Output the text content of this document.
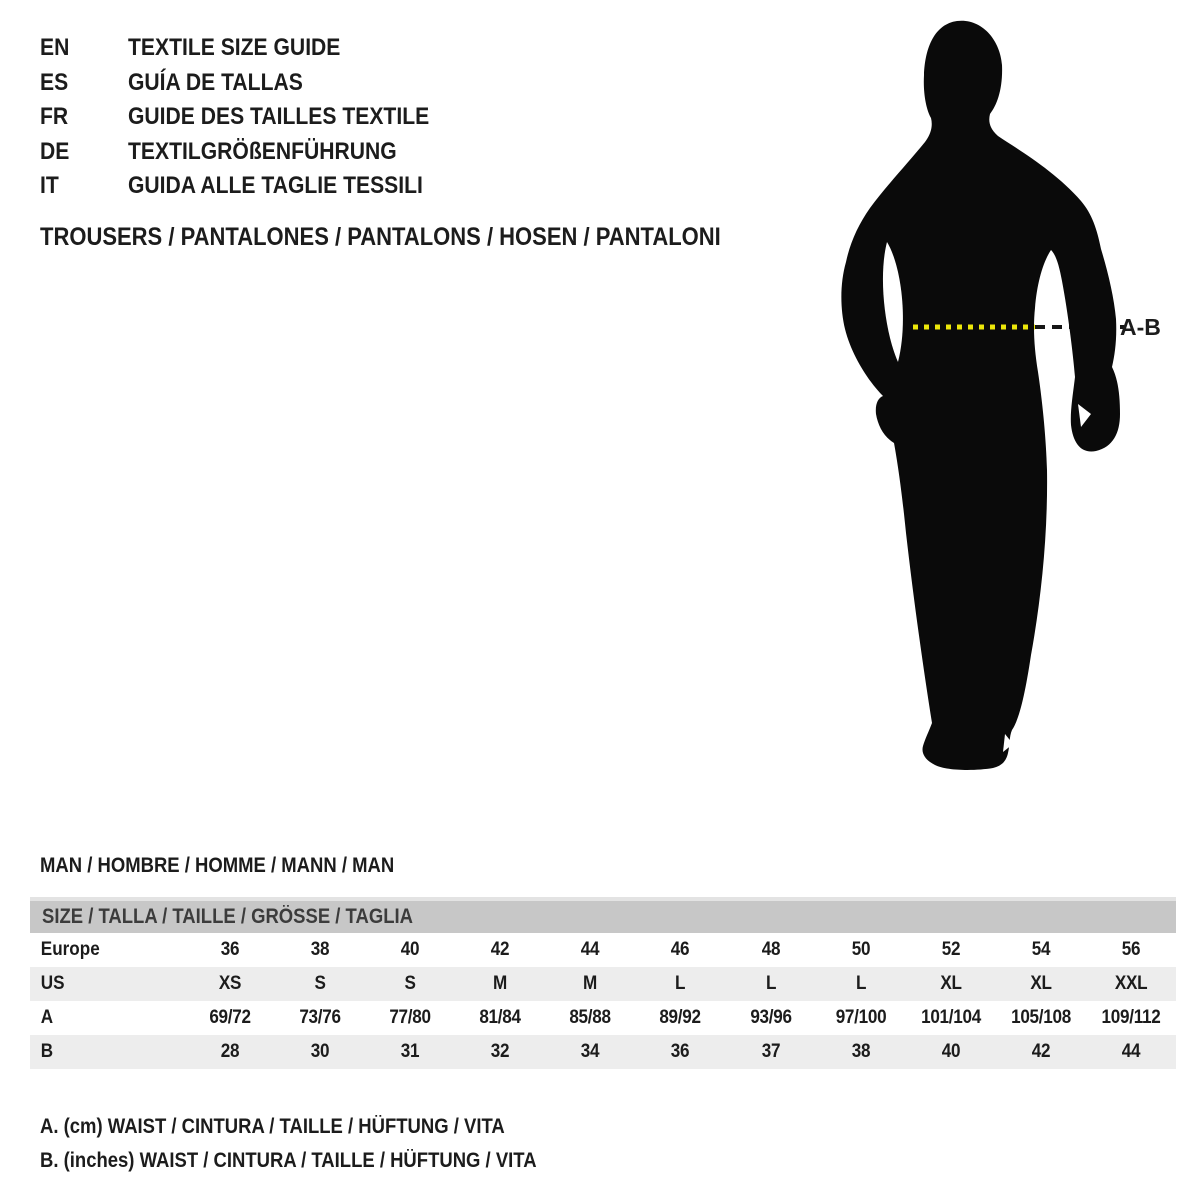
EN	TEXTILE SIZE GUIDE
ES	GUÍA DE TALLAS
FR	GUIDE DES TAILLES TEXTILE
DE	TEXTILGRÖßENFÜHRUNG
IT	GUIDA ALLE TAGLIE TESSILI
TROUSERS / PANTALONES / PANTALONS / HOSEN / PANTALONI
A-B
MAN / HOMBRE / HOMME / MANN / MAN
SIZE / TALLA / TAILLE / GRÖSSE / TAGLIA
Europe	36	38	40	42	44	46	48	50	52	54	56
US	XS	S	S	M	M	L	L	L	XL	XL	XXL
A	69/72	73/76	77/80	81/84	85/88	89/92	93/96	97/100	101/104	105/108	109/112
B	28	30	31	32	34	36	37	38	40	42	44
A. (cm) WAIST / CINTURA / TAILLE / HÜFTUNG / VITA
B. (inches) WAIST / CINTURA / TAILLE / HÜFTUNG / VITA
